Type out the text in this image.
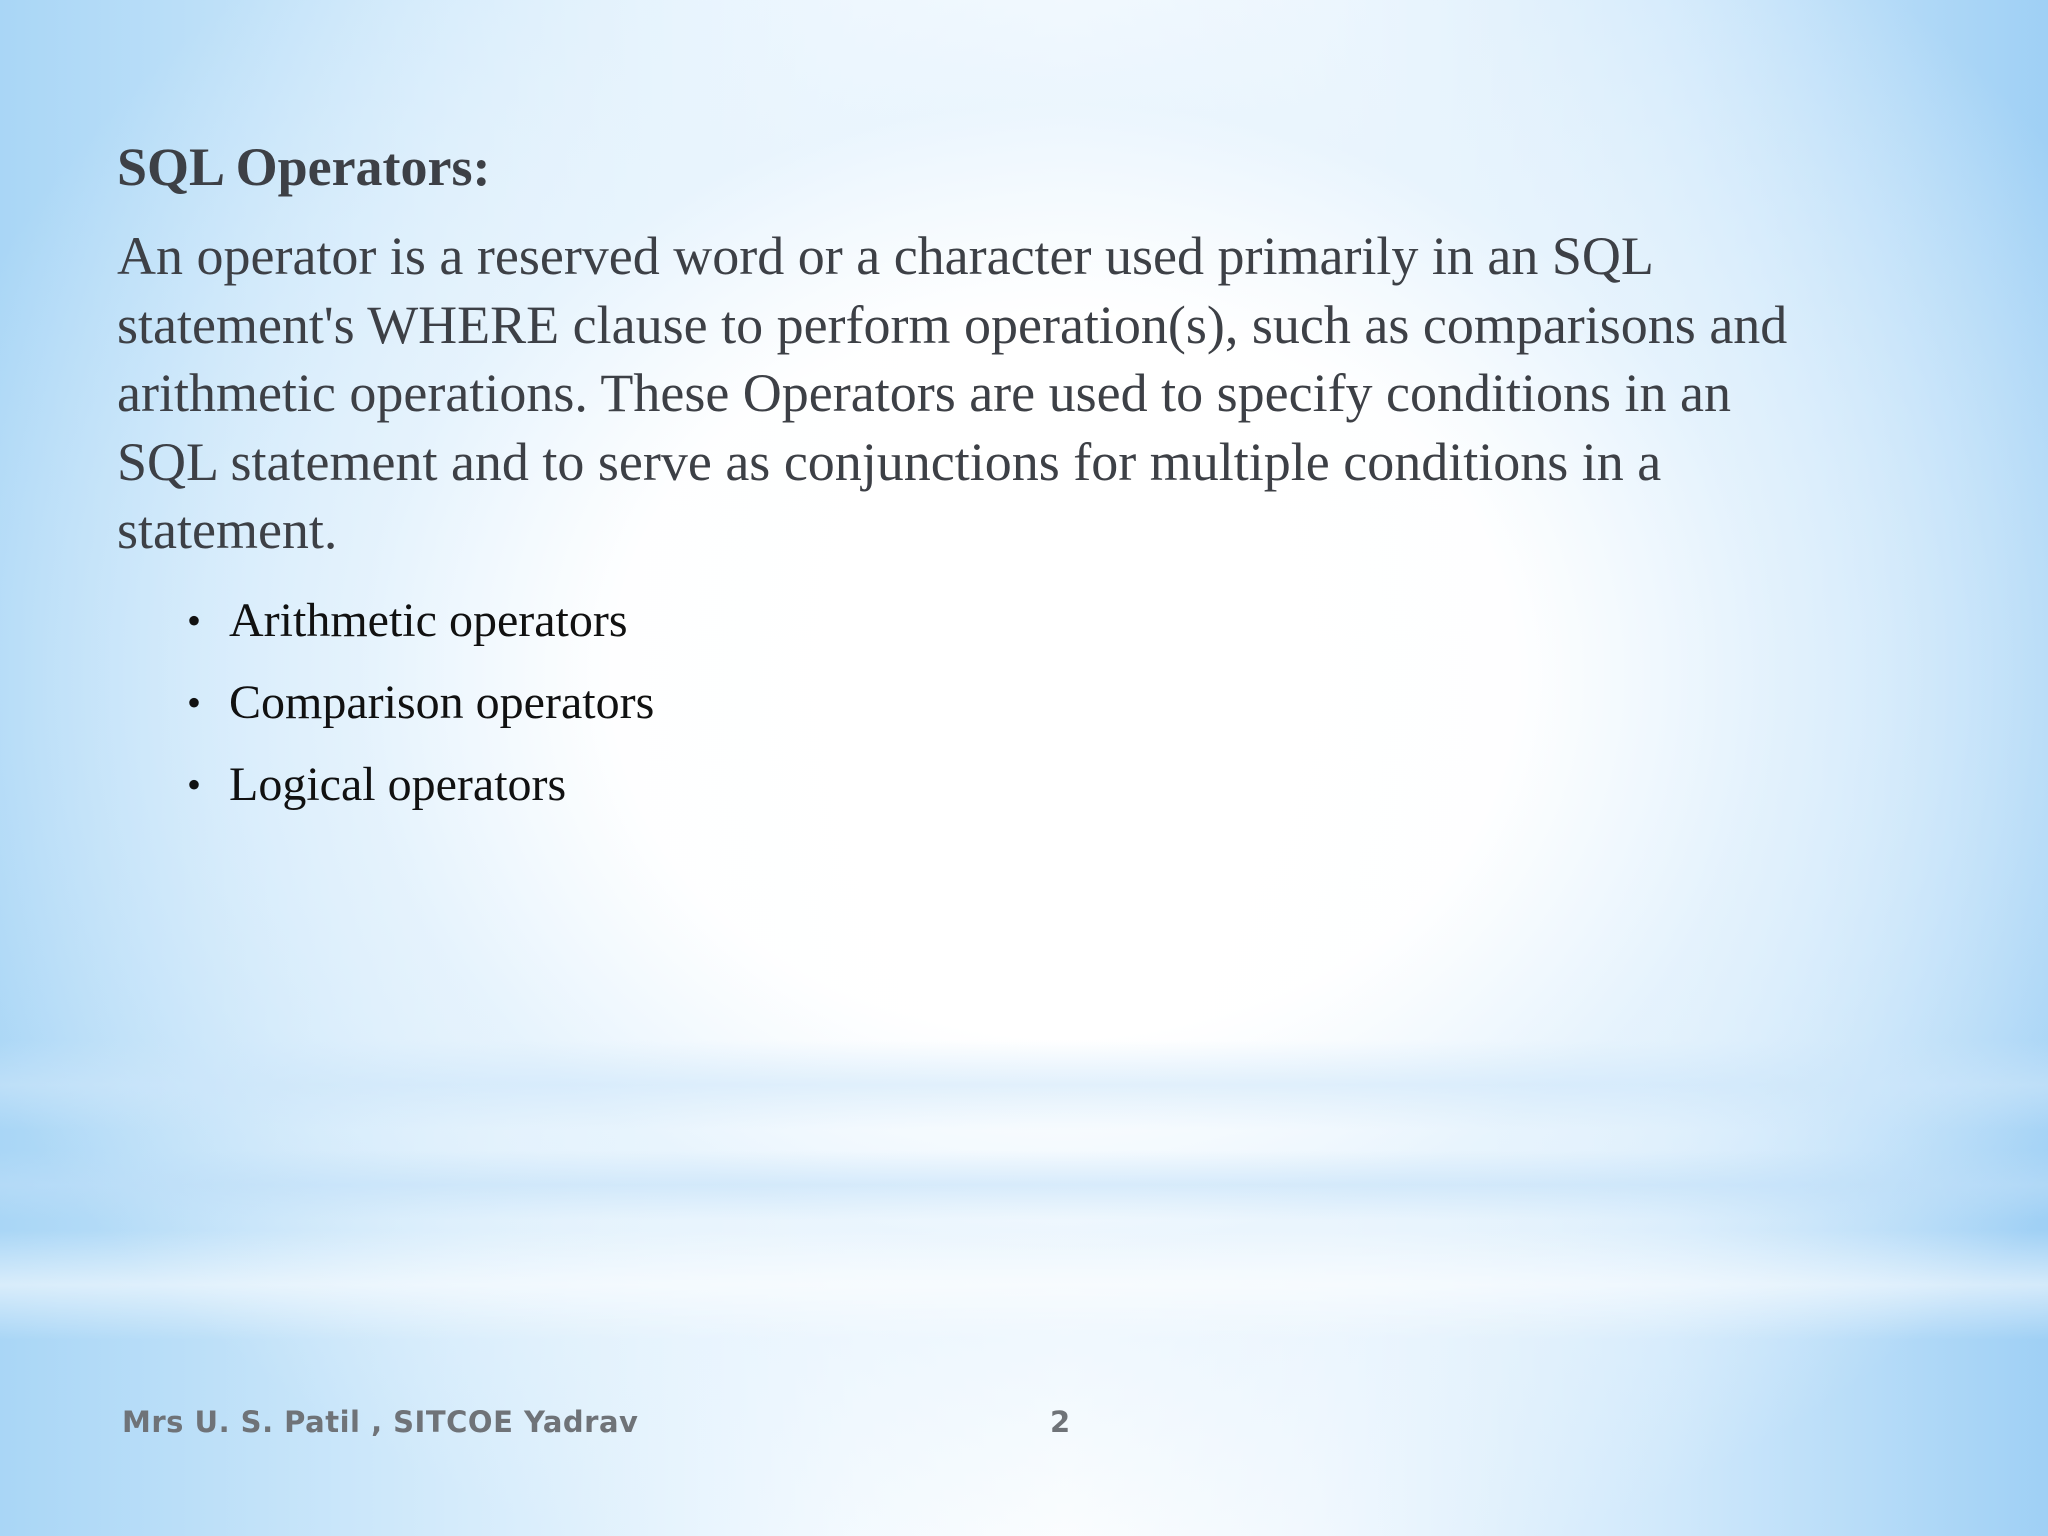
SQL Operators:

An operator is a reserved word or a character used primarily in an SQL
statement's WHERE clause to perform operation(s), such as comparisons and
arithmetic operations. These Operators are used to specify conditions in an
SQL statement and to serve as conjunctions for multiple conditions in a
statement.

• Arithmetic operators
• Comparison operators
• Logical operators
Mrs U. S. Patil , SITCOE Yadrav	2
